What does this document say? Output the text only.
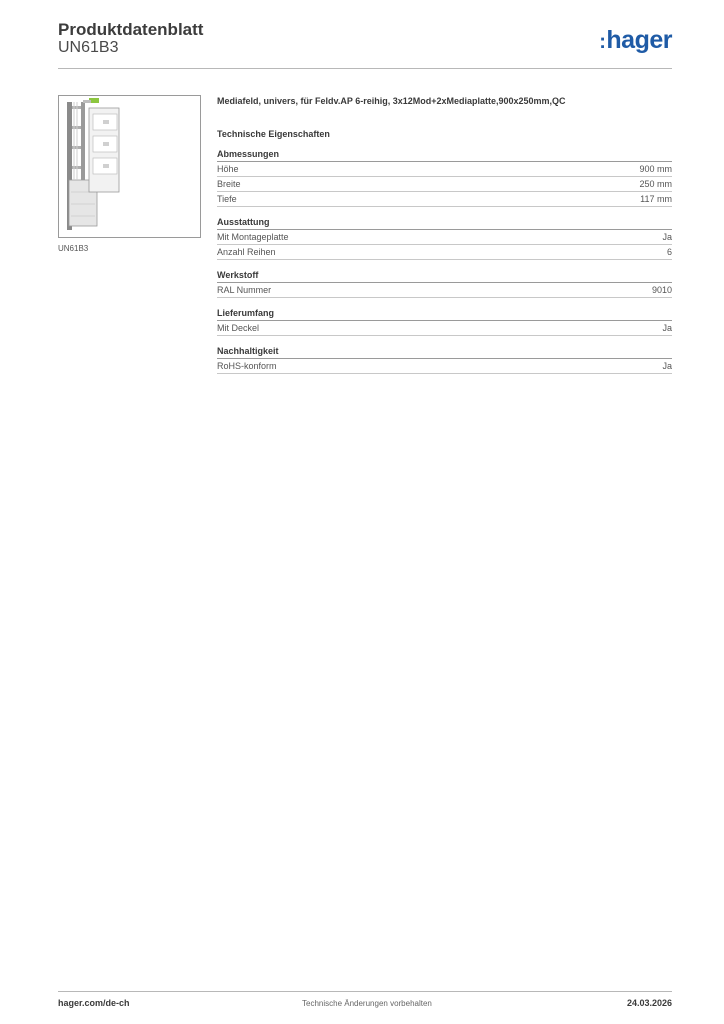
Produktdatenblatt
UN61B3	:hager
UN61B3
Mediafeld, univers, für Feldv.AP 6-reihig, 3x12Mod+2xMediaplatte,900x250mm,QC
Technische Eigenschaften
Abmessungen
Höhe	900 mm
Breite	250 mm
Tiefe	117 mm
Ausstattung
Mit Montageplatte	Ja
Anzahl Reihen	6
Werkstoff
RAL Nummer	9010
Lieferumfang
Mit Deckel	Ja
Nachhaltigkeit
RoHS-konform	Ja
hager.com/de-ch	Technische Änderungen vorbehalten	24.03.2026
